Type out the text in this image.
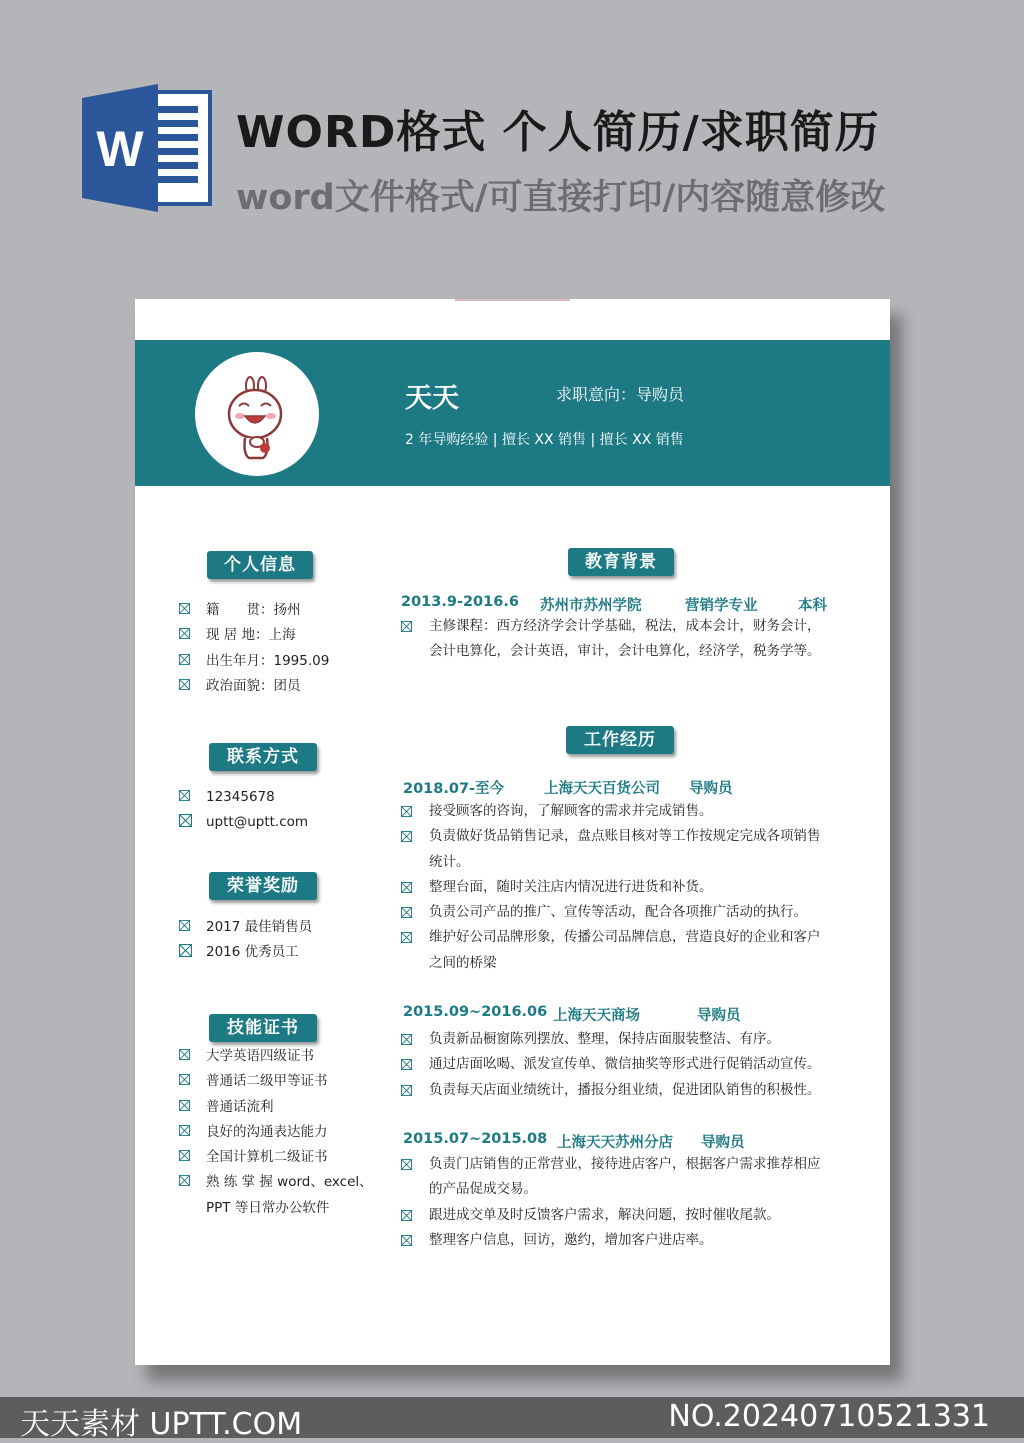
W WORD格式 个人简历/求职简历
word文件格式/可直接打印/内容随意修改
天天	求职意向：导购员
2 年导购经验 | 擅长 XX 销售 | 擅长 XX 销售
个人信息
籍　　贯：扬州
现 居 地：上海
出生年月：1995.09
政治面貌：团员
联系方式
12345678
uptt@uptt.com
荣誉奖励
2017 最佳销售员
2016 优秀员工
技能证书
大学英语四级证书
普通话二级甲等证书
普通话流利
良好的沟通表达能力
全国计算机二级证书
熟 练 掌 握 word、excel、PPT 等日常办公软件
教育背景
2013.9-2016.6 苏州市苏州学院	营销学专业	本科
主修课程：西方经济学会计学基础，税法，成本会计，财务会计，会计电算化，会计英语，审计，会计电算化，经济学，税务学等。
工作经历
2018.07-至今	上海天天百货公司 导购员
接受顾客的咨询，了解顾客的需求并完成销售。
负责做好货品销售记录，盘点账目核对等工作按规定完成各项销售统计。
整理台面，随时关注店内情况进行进货和补货。
负责公司产品的推广、宣传等活动，配合各项推广活动的执行。
维护好公司品牌形象，传播公司品牌信息，营造良好的企业和客户之间的桥梁
2015.09~2016.06 上海天天商场	导购员
负责新品橱窗陈列摆放、整理，保持店面服装整洁、有序。
通过店面吆喝、派发宣传单、微信抽奖等形式进行促销活动宣传。
负责每天店面业绩统计，播报分组业绩，促进团队销售的积极性。
2015.07~2015.08 上海天天苏州分店 导购员
负责门店销售的正常营业，接待进店客户，根据客户需求推荐相应的产品促成交易。
跟进成交单及时反馈客户需求，解决问题，按时催收尾款。
整理客户信息，回访，邀约，增加客户进店率。
天天素材 UPTT.COM	NO.20240710521331
